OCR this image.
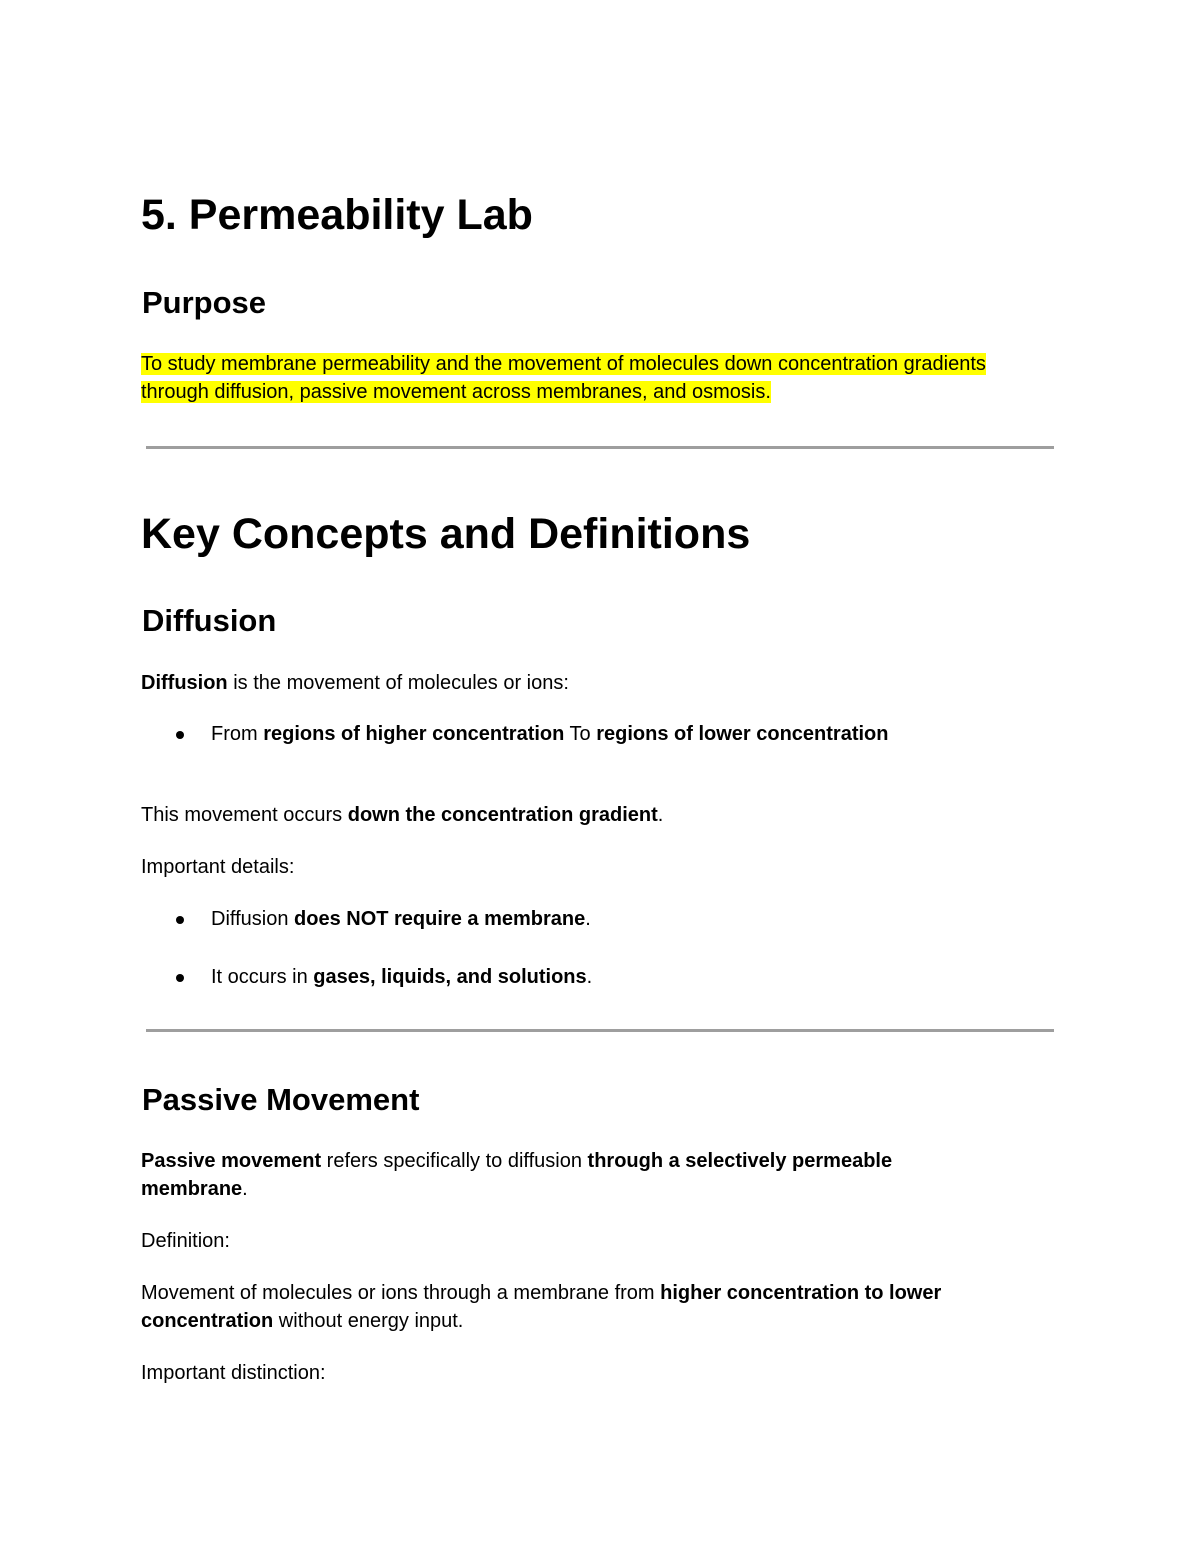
5. Permeability Lab
Purpose

To study membrane permeability and the movement of molecules down concentration gradients

through diffusion, passive movement across membranes, and osmosis.

Key Concepts and Definitions
Diffusion

Diffusion is the movement of molecules or ions:

From regions of higher concentration To regions of lower concentration

This movement occurs down the concentration gradient.

Important details:

Diffusion does NOT require a membrane.
It occurs in gases, liquids, and solutions.
Passive Movement

Passive movement refers specifically to diffusion through a selectively permeable

membrane.

Definition:

Movement of molecules or ions through a membrane from higher concentration to lower

concentration without energy input.

Important distinction:
